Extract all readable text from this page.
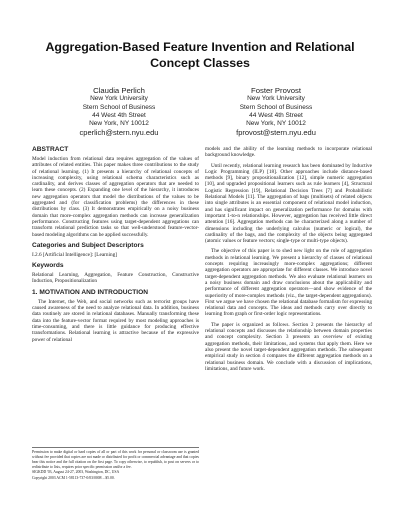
Aggregation-Based Feature Invention and Relational
Concept Classes
Claudia Perlich
New York University
Stern School of Business
44 West 4th Street
New York, NY 10012
cperlich@stern.nyu.edu
Foster Provost
New York University
Stern School of Business
44 West 4th Street
New York, NY 10012
fprovost@stern.nyu.edu
ABSTRACT
Model induction from relational data requires aggregation of the values of attributes of related entities. This paper makes three contributions to the study of relational learning. (1) It presents a hierarchy of relational concepts of increasing complexity, using relational schema characteristics such as cardinality, and derives classes of aggregation operators that are needed to learn these concepts. (2) Expanding one level of the hierarchy, it introduces new aggregation operators that model the distributions of the values to be aggregated and (for classification problems) the differences in these distributions by class. (3) It demonstrates empirically on a noisy business domain that more-complex aggregation methods can increase generalization performance. Constructing features using target-dependent aggregations can transform relational prediction tasks so that well-understood feature-vector-based modeling algorithms can be applied successfully.
Categories and Subject Descriptors
I.2.6 [Artificial Intelligence]: [Learning]
Keywords
Relational Learning, Aggregation, Feature Construction, Constructive Induction, Propositionalization
1. MOTIVATION AND INTRODUCTION
The Internet, the Web, and social networks such as terrorist groups have caused awareness of the need to analyze relational data. In addition, business data routinely are stored in relational databases. Manually transforming these data into the feature-vector format required by most modeling approaches is time-consuming, and there is little guidance for producing effective transformations. Relational learning is attractive because of the expressive power of relational
Permission to make digital or hard copies of all or part of this work for personal or classroom use is granted without fee provided that copies are not made or distributed for profit or commercial advantage and that copies bear this notice and the full citation on the first page. To copy otherwise, to republish, to post on servers or to redistribute to lists, requires prior specific permission and/or a fee.
SIGKDD '03, August 24-27, 2003, Washington, DC, USA
Copyright 2003 ACM 1-58113-737-0/03/0008 ...$5.00.
models and the ability of the learning methods to incorporate relational background knowledge.
Until recently, relational learning research has been dominated by Inductive Logic Programming (ILP) [18]. Other approaches include distance-based methods [9], binary propositionalization [12], simple numeric aggregation [10], and upgraded propositional learners such as rule learners [4], Structural Logistic Regression [19], Relational Decision Trees [7] and Probabilistic Relational Models [11]. The aggregation of bags (multisets) of related objects into single attributes is an essential component of relational model induction, and has significant impact on generalization performance for domains with important 1-to-n relationships. However, aggregation has received little direct attention [16]. Aggregation methods can be characterized along a number of dimensions including the underlying calculus (numeric or logical), the cardinality of the bags, and the complexity of the objects being aggregated (atomic values or feature vectors; single-type or multi-type objects).
The objective of this paper is to shed new light on the role of aggregation methods in relational learning. We present a hierarchy of classes of relational concepts requiring increasingly more-complex aggregations; different aggregation operators are appropriate for different classes. We introduce novel target-dependent aggregation methods. We also evaluate relational learners on a noisy business domain and draw conclusions about the applicability and performance of different aggregation operators—and show evidence of the superiority of more-complex methods (viz., the target-dependent aggregations). First we argue we have chosen the relational database formalism for expressing relational data and concepts. The ideas and methods carry over directly to learning from graph or first-order logic representations.
The paper is organized as follows. Section 2 presents the hierarchy of relational concepts and discusses the relationship between domain properties and concept complexity. Section 3 presents an overview of existing aggregation methods, their limitations, and systems that apply them. Here we also present the novel target-dependent aggregation methods. The subsequent empirical study in section 4 compares the different aggregation methods on a relational business domain. We conclude with a discussion of implications, limitations, and future work.
